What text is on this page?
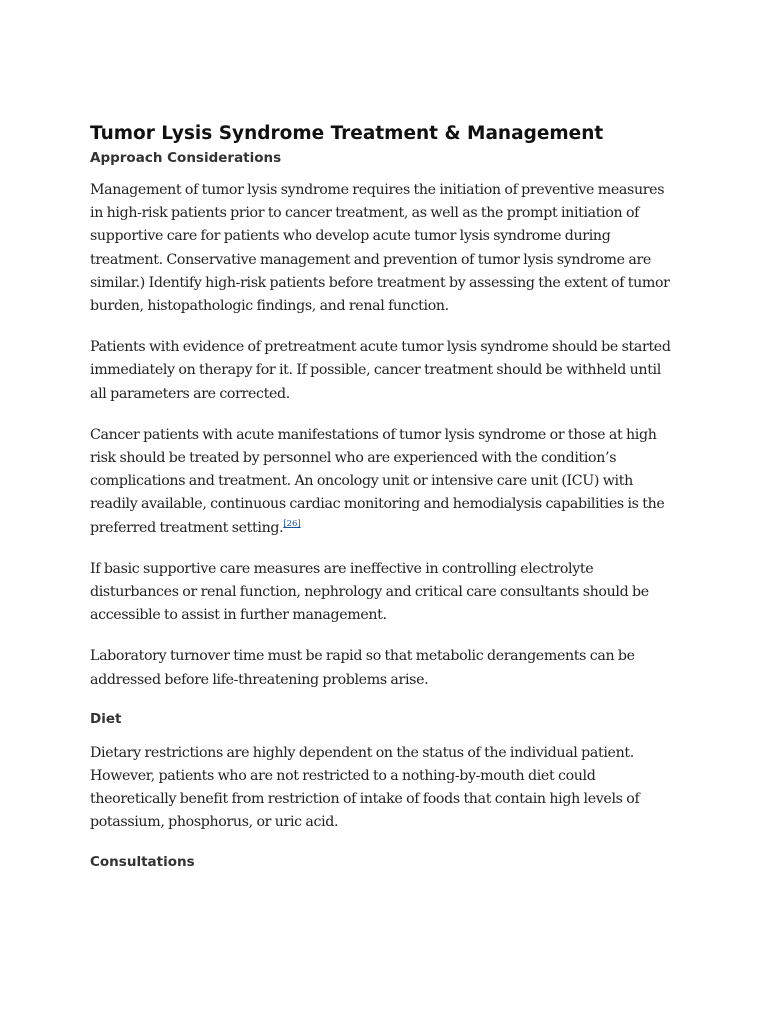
Tumor Lysis Syndrome Treatment & Management
Approach Considerations

Management of tumor lysis syndrome requires the initiation of preventive measures in high-risk patients prior to cancer treatment, as well as the prompt initiation of supportive care for patients who develop acute tumor lysis syndrome during treatment. Conservative management and prevention of tumor lysis syndrome are similar.) Identify high-risk patients before treatment by assessing the extent of tumor burden, histopathologic findings, and renal function.

Patients with evidence of pretreatment acute tumor lysis syndrome should be started immediately on therapy for it. If possible, cancer treatment should be withheld until all parameters are corrected.

Cancer patients with acute manifestations of tumor lysis syndrome or those at high risk should be treated by personnel who are experienced with the condition’s complications and treatment. An oncology unit or intensive care unit (ICU) with readily available, continuous cardiac monitoring and hemodialysis capabilities is the preferred treatment setting.[26]

If basic supportive care measures are ineffective in controlling electrolyte disturbances or renal function, nephrology and critical care consultants should be accessible to assist in further management.

Laboratory turnover time must be rapid so that metabolic derangements can be addressed before life-threatening problems arise.

Diet

Dietary restrictions are highly dependent on the status of the individual patient. However, patients who are not restricted to a nothing-by-mouth diet could theoretically benefit from restriction of intake of foods that contain high levels of potassium, phosphorus, or uric acid.

Consultations
